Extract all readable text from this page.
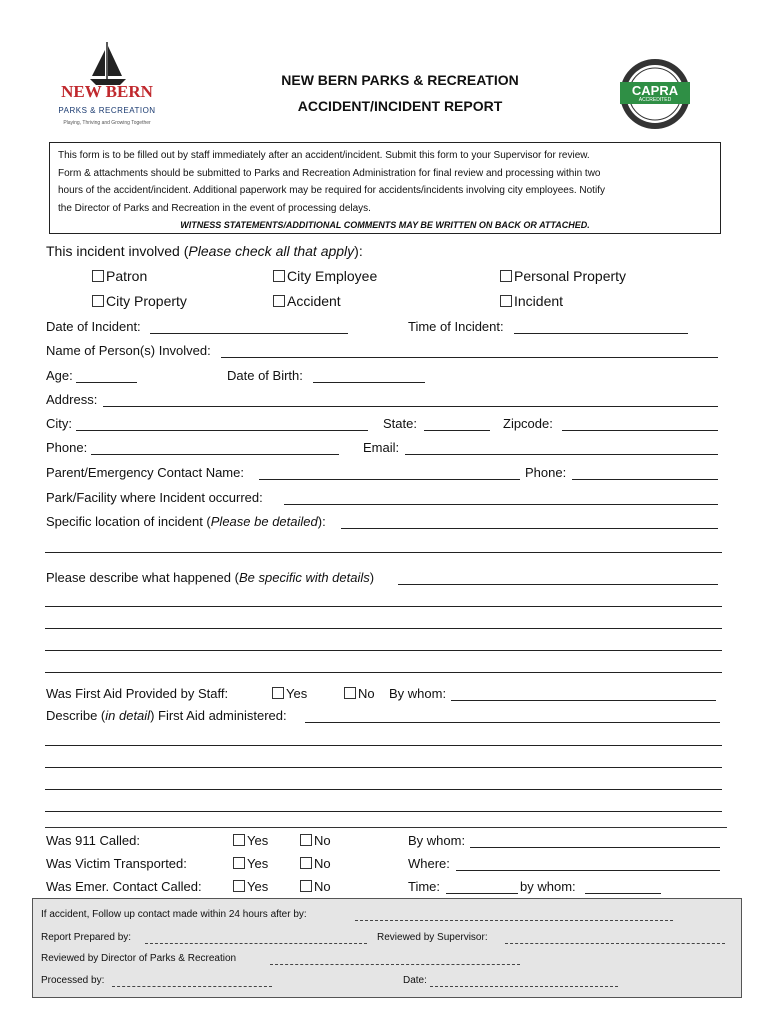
NEW BERN
PARKS & RECREATION
Playing, Thriving and Growing Together
NEW BERN PARKS & RECREATION
ACCIDENT/INCIDENT REPORT
CAPRA
ACCREDITED
This form is to be filled out by staff immediately after an accident/incident. Submit this form to your Supervisor for review.
Form & attachments should be submitted to Parks and Recreation Administration for final review and processing within two
hours of the accident/incident. Additional paperwork may be required for accidents/incidents involving city employees. Notify
the Director of Parks and Recreation in the event of processing delays.
WITNESS STATEMENTS/ADDITIONAL COMMENTS MAY BE WRITTEN ON BACK OR ATTACHED.
This incident involved (Please check all that apply):
Patron	City Employee	Personal Property
City Property	Accident	Incident
Date of Incident:	Time of Incident:
Name of Person(s) Involved:
Age:	Date of Birth:
Address:
City:	State:	Zipcode:
Phone:	Email:
Parent/Emergency Contact Name:	Phone:
Park/Facility where Incident occurred:
Specific location of incident (Please be detailed):
Please describe what happened (Be specific with details)
Was First Aid Provided by Staff:	Yes	No By whom:
Describe (in detail) First Aid administered:
Was 911 Called:	Yes	No	By whom:
Was Victim Transported:	Yes	No	Where:
Was Emer. Contact Called:	Yes	No	Time:	by whom:
If accident, Follow up contact made within 24 hours after by:
Report Prepared by:	Reviewed by Supervisor:
Reviewed by Director of Parks & Recreation
Processed by:	Date:
